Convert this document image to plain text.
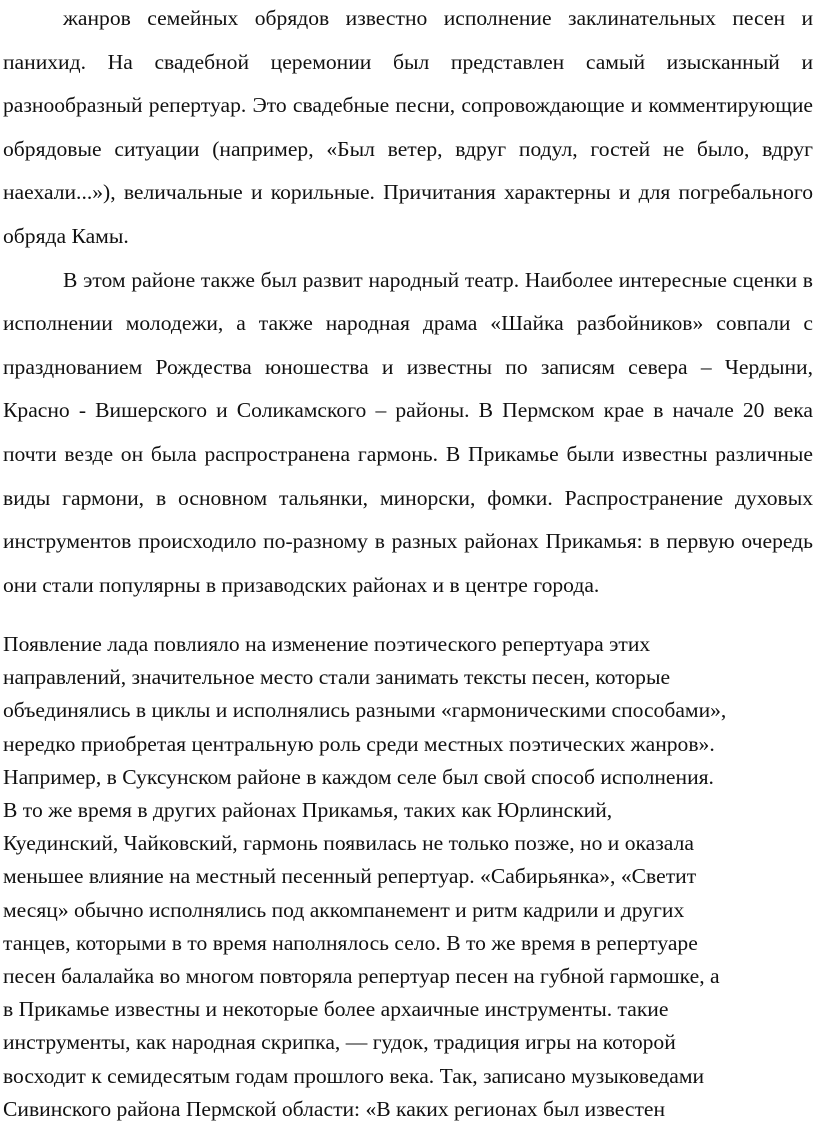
жанров семейных обрядов известно исполнение заклинательных песен и панихид. На свадебной церемонии был представлен самый изысканный и разнообразный репертуар. Это свадебные песни, сопровождающие и комментирующие обрядовые ситуации (например, «Был ветер, вдруг подул, гостей не было, вдруг наехали...»), величальные и корильные. Причитания характерны и для погребального обряда Камы.

В этом районе также был развит народный театр. Наиболее интересные сценки в исполнении молодежи, а также народная драма «Шайка разбойников» совпали с празднованием Рождества юношества и известны по записям севера – Чердыни, Красно - Вишерского и Соликамского – районы. В Пермском крае в начале 20 века почти везде он была распространена гармонь. В Прикамье были известны различные виды гармони, в основном тальянки, минорски, фомки. Распространение духовых инструментов происходило по-разному в разных районах Прикамья: в первую очередь они стали популярны в призаводских районах и в центре города.

Появление лада повлияло на изменение поэтического репертуара этих

направлений, значительное место стали занимать тексты песен, которые

объединялись в циклы и исполнялись разными «гармоническими способами»,

нередко приобретая центральную роль среди местных поэтических жанров».

Например, в Суксунском районе в каждом селе был свой способ исполнения.

В то же время в других районах Прикамья, таких как Юрлинский,

Куединский, Чайковский, гармонь появилась не только позже, но и оказала

меньшее влияние на местный песенный репертуар. «Сабирьянка», «Светит

месяц» обычно исполнялись под аккомпанемент и ритм кадрили и других

танцев, которыми в то время наполнялось село. В то же время в репертуаре

песен балалайка во многом повторяла репертуар песен на губной гармошке, а

в Прикамье известны и некоторые более архаичные инструменты. такие

инструменты, как народная скрипка, — гудок, традиция игры на которой

восходит к семидесятым годам прошлого века. Так, записано музыковедами

Сивинского района Пермской области: «В каких регионах был известен
